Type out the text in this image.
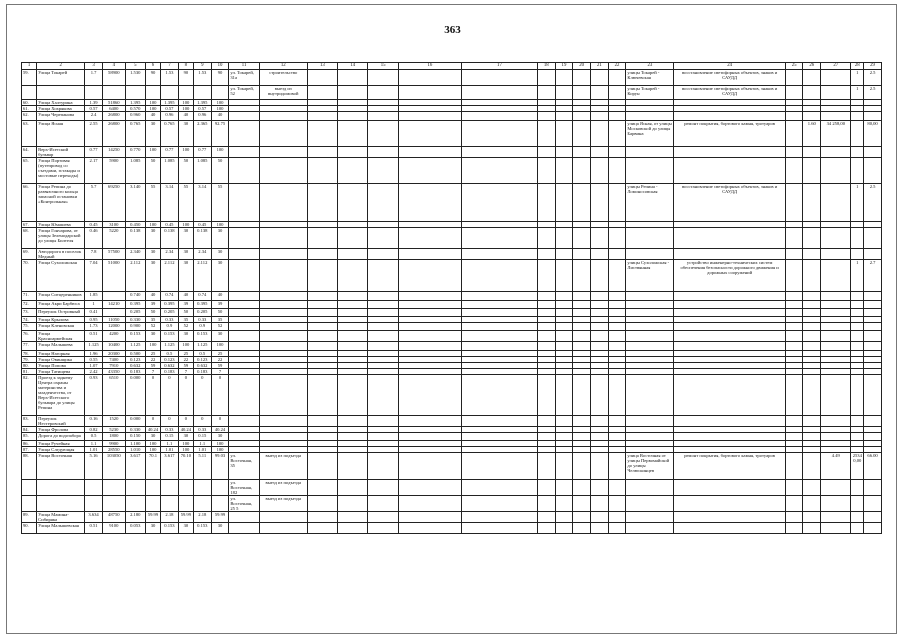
363
1	2	3	4	5	6	7	8	9	10	11	12	13	14	15	16	17	18	19	20	21	22	23	24	25	26	27	28	29
59.	Улица Токарей	1.7	58900	1.530	90	1.53	90	1.53	90	ул. Токарей, 31а	строительство											улицы Токарей - Ключевская	восстановление светофорных объектов, знаков и САУДД				1	2.5
										ул. Токарей, 52	выезд из внутридомовой											улицы Токарей - Корун	восстановление светофорных объектов, знаков и САУДД				1	2.5
60.	Улица Халтурина	1.39	51860	1.395	100	1.395	100	1.395	100																			
61.	Улица Хохрякова	0.57	6400	0.570	100	0.57	100	0.57	100																			
62.	Улица Черепанова	2.4	26800	0.960	40	0.96	40	0.96	40																			
63.	Улица Ясная	2.55	26800	0.765	30	0.765	30	2.365	92.75													улица Ясная, от улицы Московской до улицы Барвина	ремонт покрытия, бортового камня, тротуаров		1.60	34 258,00		80,00
64.	Верх-Исетский бульвар	0.77	14250	0.770	100	0.77	100	0.77	100																			
65.	Улица Портовая (путепровод со съездами, эстакады и мостовые переходы)	2.17	5900	1.085	50	1.085	50	1.085	50																			
66.	Улица Репина до развязочного кольца запасной остановки «Контрольная»	5.7	69250	3.140	55	3.14	55	3.14	55													улицы Репина - Ломоносовская	восстановление светофорных объектов, знаков и САУДД				1	2.5
67.	Улица Юмашева	0.45	3100	0.450	100	0.45	100	0.45	100																			
68.	Улица Гончарова, от улицы Зеленодарской до улицы Билтеля	0.46	5220	0.138	30	0.138	30	0.138	30																			
69.	Автодорога в поселок Медный	7.8	57500	2.340	30	2.34	30	2.34	30																			
70.	Улица Сухоложская	7.04	51000	2.112	30	2.112	30	2.112	30													улицы Сухоложская - Листвянная	устройство инженерно-технических систем обеспечения безопасности дорожного движения и дорожных сооружений				1	2.7
71.	Улица Ситцеренников	1.85		0.740	40	0.74	40	0.74	40																			
72.	Улица Акри Барбюса	1	14210	0.395	39	0.395	39	0.395	39																			
73.	Переулок Островный	0.41		0.205	50	0.205	50	0.205	50																			
74.	Улица Крылова	0.95	11050	0.330	35	0.33	35	0.33	35																			
75.	Улица Кленовская	1.73	12000	0.900	52	0.9	52	0.9	52																			
76.	Улица Красноармейская	0.51	4200	0.153	30	0.153	30	0.153	30																			
77.	Улица Малышева	1.125	10400	1.125	100	1.125	100	1.125	100																			
78.	Улица Нагорная	1.96	20300	0.500	25	0.5	25	0.5	25																			
79.	Улица Овинщика	0.55	7400	0.123	22	0.123	22	0.123	22																			
80.	Улица Попова	1.07	7910	0.632	59	0.632	59	0.632	59																			
81.	Улица Татищева	2.42	43350	0.183	7	0.183	7	0.183	7																			
82.	Проезд к заднему Центра охраны материнства и младенчества, от Верх-Исетского бульвара до улицы Репина	0.93	6510	0.000	0	0	0	0	0																			
83.	Переулок Нестеровский	0.16	1520	0.000	0	0	0	0	0																			
84.	Улица Фролова	0.82	5230	0.330	40.24	0.33	40.24	0.33	40.24																			
85.	Дорога до водозабора	0.5	1800	0.150	30	0.15	30	0.15	30																			
86.	Улица Ручейная	1.1	9900	1.100	100	1.1	100	1.1	100																			
87.	Улица Следующая	1.01	28550	1.010	100	1.01	100	1.01	100																			
88.	Улица Восточная	5.16	103050	3.617	70.1	3.617	70.10	5.11	99.03	ул. Восточная, 35	выезд из подъезда											улица Восточная от улицы Первомайской до улицы Челюскинцев	ремонт покрытия, бортового камня, тротуаров			4.49	25340,00	66.00
										ул. Восточная, 182	выезд из подъезда																	
										ул. Восточная, 25 5	выезд из подъезда																	
89.	Улица Мамина-Сибиряка	3.634	48750	2.180	59.99	2.18	59.99	2.18	59.99																			
90.	Улица Малышевская	0.51	9100	0.053	30	0.153	30	0.153	30																			
